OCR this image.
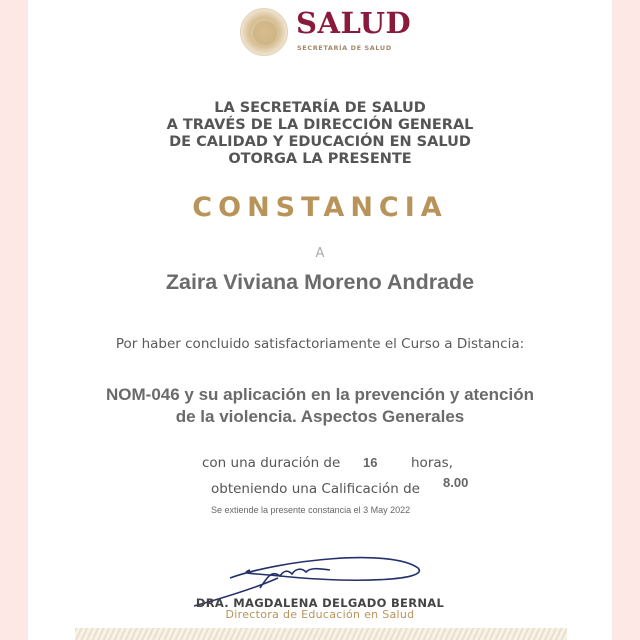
SALUD
SECRETARÍA DE SALUD
LA SECRETARÍA DE SALUD
A TRAVÉS DE LA DIRECCIÓN GENERAL
DE CALIDAD Y EDUCACIÓN EN SALUD
OTORGA LA PRESENTE
CONSTANCIA
A
Zaira Viviana Moreno Andrade
Por haber concluido satisfactoriamente el Curso a Distancia:
NOM-046 y su aplicación en la prevención y atención
de la violencia. Aspectos Generales
con una duración de 16 horas,
obteniendo una Calificación de 8.00
Se extiende la presente constancia el 3 May 2022
DRA. MAGDALENA DELGADO BERNAL
Directora de Educación en Salud
